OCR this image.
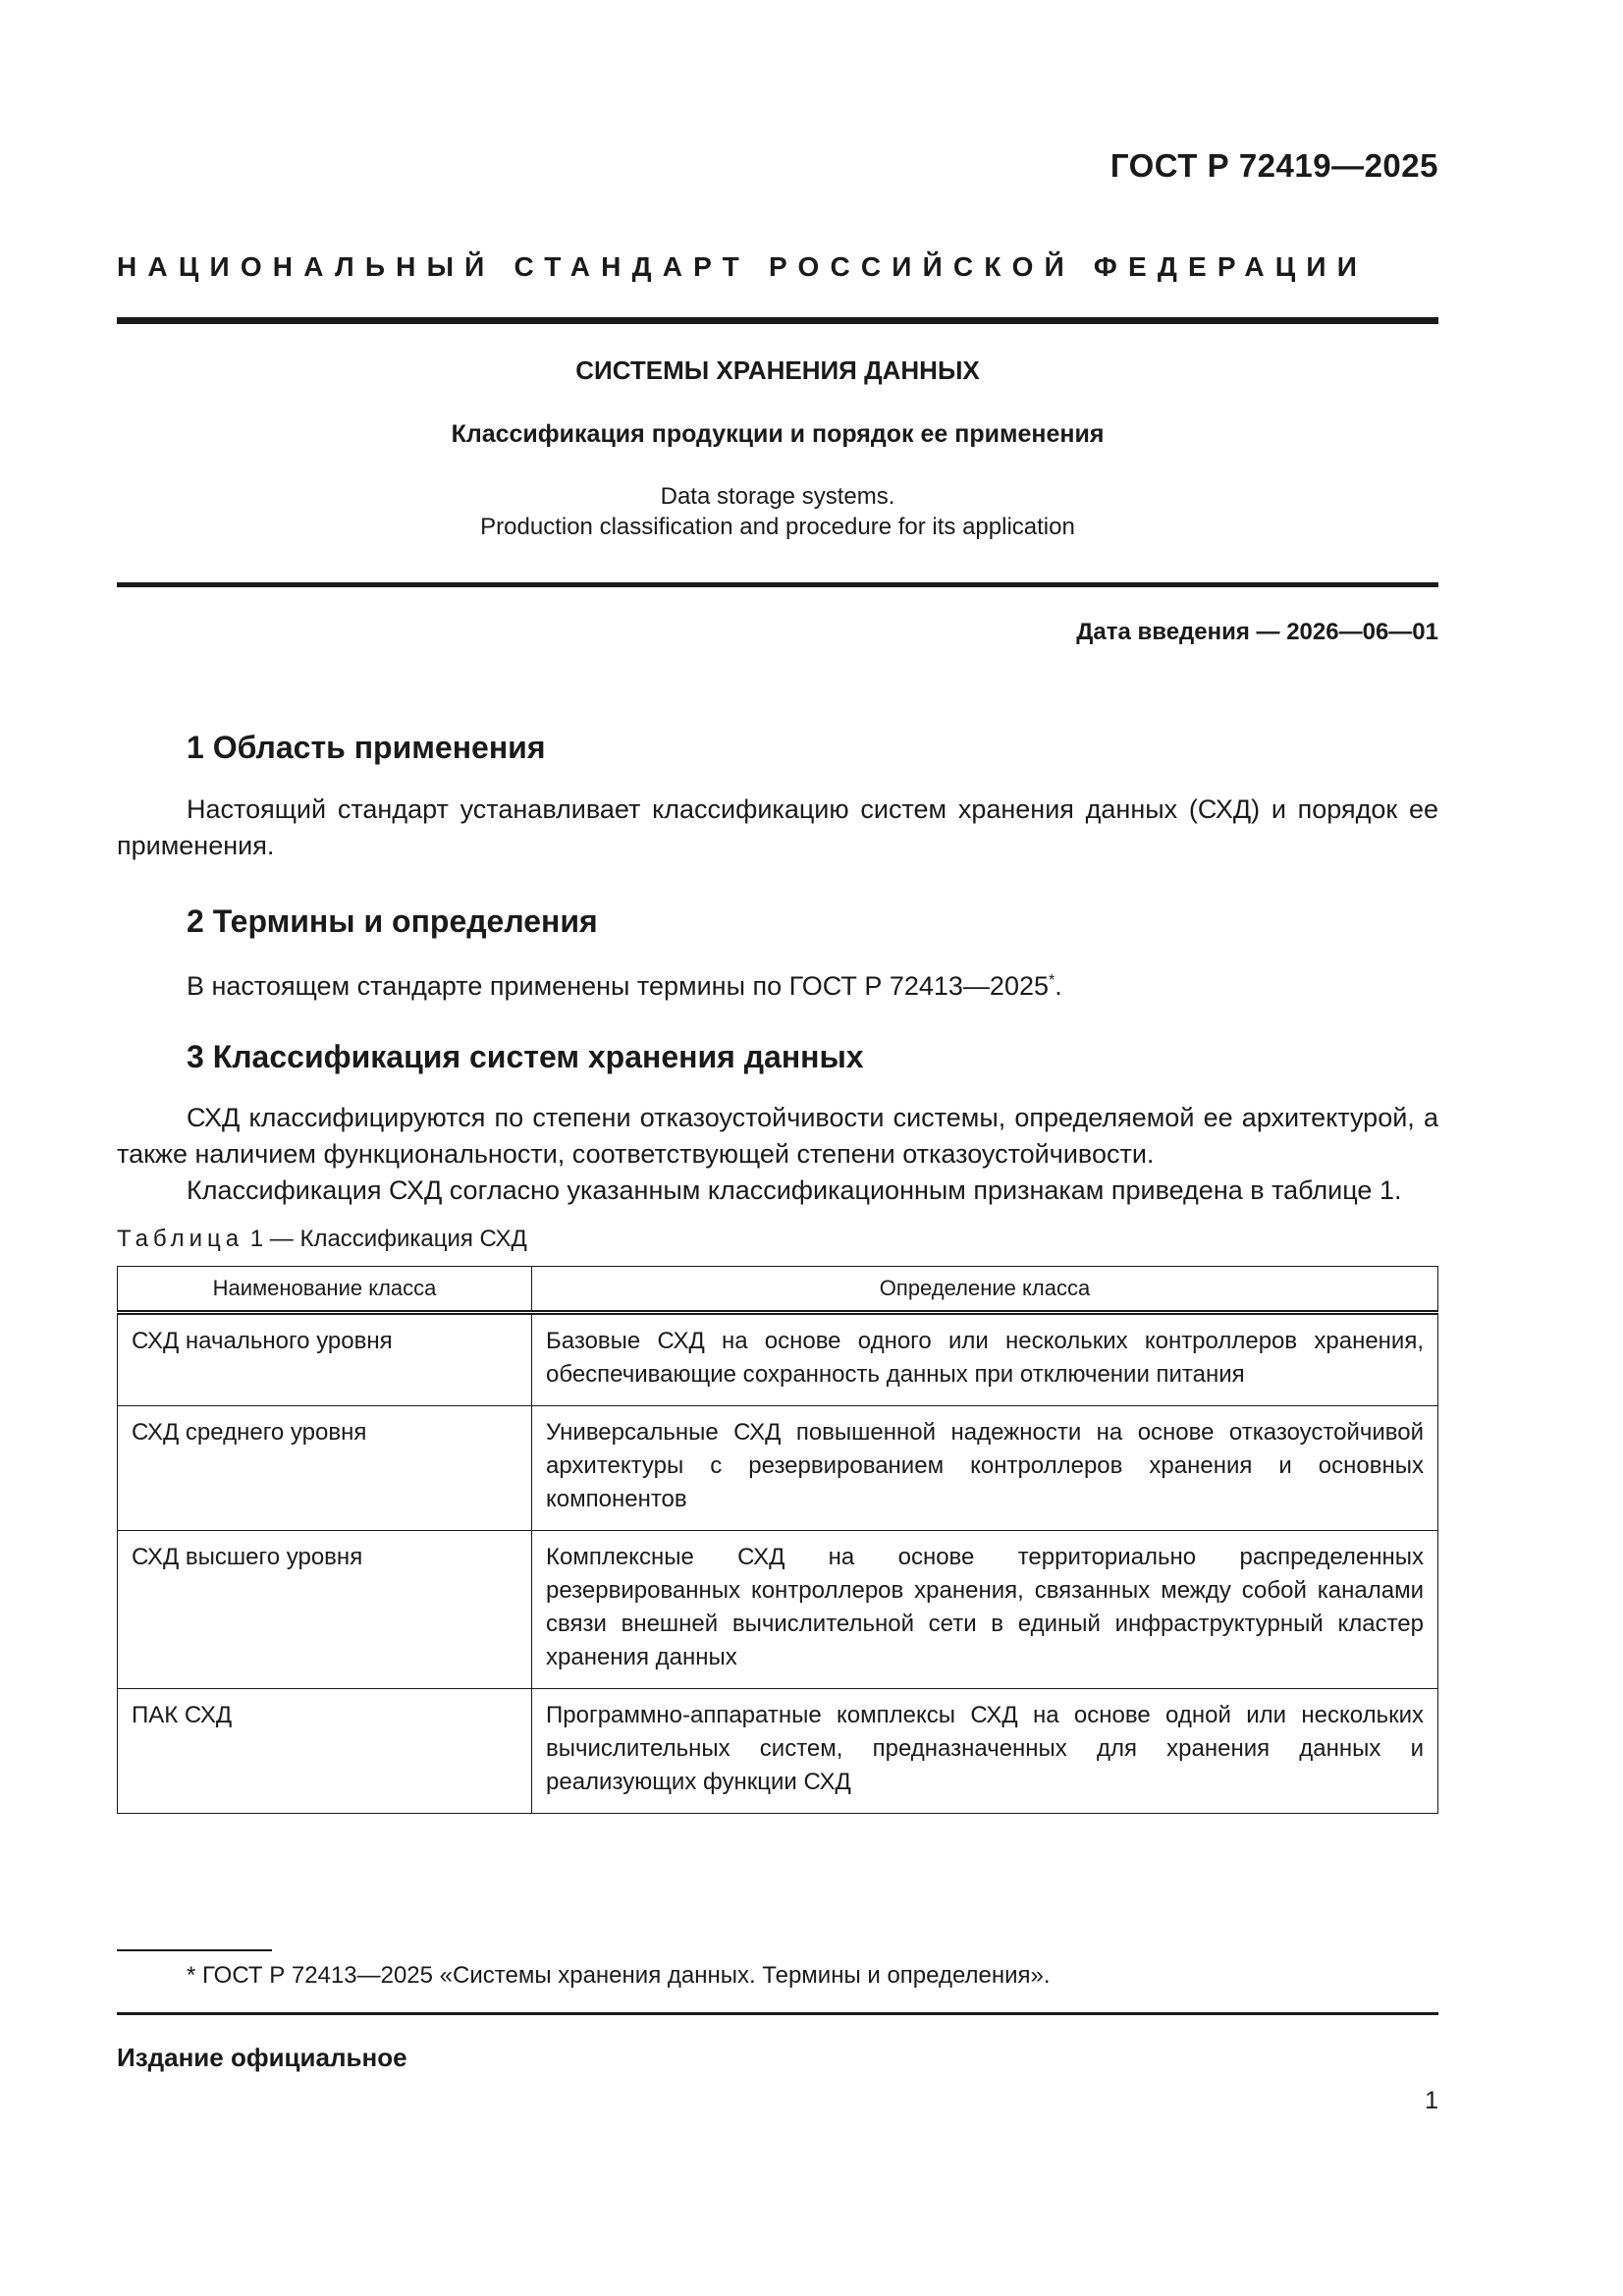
ГОСТ Р 72419—2025
НАЦИОНАЛЬНЫЙ СТАНДАРТ РОССИЙСКОЙ ФЕДЕРАЦИИ
СИСТЕМЫ ХРАНЕНИЯ ДАННЫХ
Классификация продукции и порядок ее применения
Data storage systems.
Production classification and procedure for its application
Дата введения — 2026—06—01
1 Область применения
Настоящий стандарт устанавливает классификацию систем хранения данных (СХД) и порядок ее применения.
2 Термины и определения
В настоящем стандарте применены термины по ГОСТ Р 72413—2025*.
3 Классификация систем хранения данных
СХД классифицируются по степени отказоустойчивости системы, определяемой ее архитектурой, а также наличием функциональности, соответствующей степени отказоустойчивости.
Классификация СХД согласно указанным классификационным признакам приведена в таблице 1.
Таблица 1 — Классификация СХД
Наименование класса	Определение класса
СХД начального уровня	Базовые СХД на основе одного или нескольких контроллеров хранения, обеспечивающие сохранность данных при отключении питания
СХД среднего уровня	Универсальные СХД повышенной надежности на основе отказоустойчивой архитектуры с резервированием контроллеров хранения и основных компонентов
СХД высшего уровня	Комплексные СХД на основе территориально распределенных резервированных контроллеров хранения, связанных между собой каналами связи внешней вычислительной сети в единый инфраструктурный кластер хранения данных
ПАК СХД	Программно-аппаратные комплексы СХД на основе одной или нескольких вычислительных систем, предназначенных для хранения данных и реализующих функции СХД
* ГОСТ Р 72413—2025 «Системы хранения данных. Термины и определения».
Издание официальное
1
